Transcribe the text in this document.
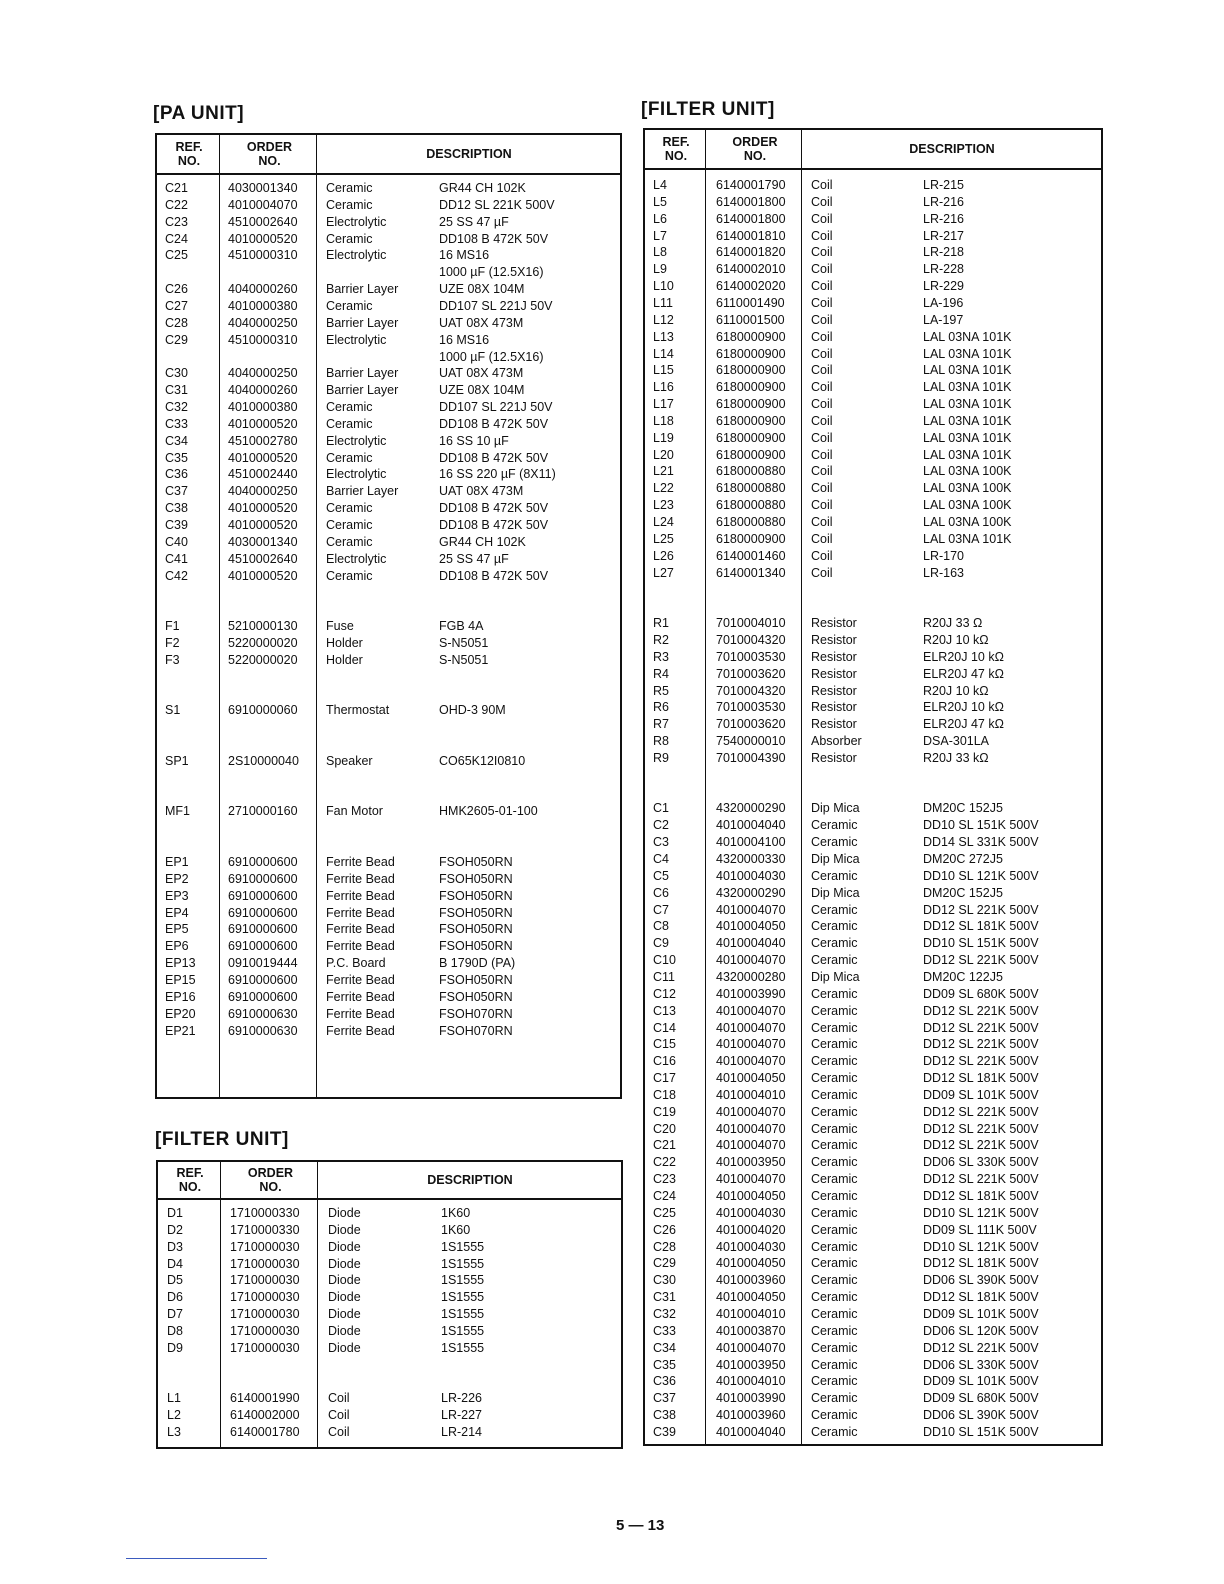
[PA UNIT]
REF.
NO.
ORDER
NO.	DESCRIPTION
C21	4030001340 Ceramic	GR44 CH 102K
C22	4010004070 Ceramic	DD12 SL 221K 500V
C23	4510002640 Electrolytic	25 SS 47 µF
C24	4010000520 Ceramic	DD108 B 472K 50V
C25	4510000310 Electrolytic	16 MS16
1000 µF (12.5X16)
C26	4040000260 Barrier Layer	UZE 08X 104M
C27	4010000380 Ceramic	DD107 SL 221J 50V
C28	4040000250 Barrier Layer	UAT 08X 473M
C29	4510000310 Electrolytic	16 MS16
1000 µF (12.5X16)
C30	4040000250 Barrier Layer	UAT 08X 473M
C31	4040000260 Barrier Layer	UZE 08X 104M
C32	4010000380 Ceramic	DD107 SL 221J 50V
C33	4010000520 Ceramic	DD108 B 472K 50V
C34	4510002780 Electrolytic	16 SS 10 µF
C35	4010000520 Ceramic	DD108 B 472K 50V
C36	4510002440 Electrolytic	16 SS 220 µF (8X11)
C37	4040000250 Barrier Layer	UAT 08X 473M
C38	4010000520 Ceramic	DD108 B 472K 50V
C39	4010000520 Ceramic	DD108 B 472K 50V
C40	4030001340 Ceramic	GR44 CH 102K
C41	4510002640 Electrolytic	25 SS 47 µF
C42	4010000520 Ceramic	DD108 B 472K 50V
F1	5210000130 Fuse	FGB 4A
F2	5220000020 Holder	S-N5051
F3	5220000020 Holder	S-N5051
S1	6910000060 Thermostat	OHD-3 90M
SP1	2S10000040 Speaker	CO65K12I0810
MF1	2710000160 Fan Motor	HMK2605-01-100
EP1	6910000600 Ferrite Bead	FSOH050RN
EP2	6910000600 Ferrite Bead	FSOH050RN
EP3	6910000600 Ferrite Bead	FSOH050RN
EP4	6910000600 Ferrite Bead	FSOH050RN
EP5	6910000600 Ferrite Bead	FSOH050RN
EP6	6910000600 Ferrite Bead	FSOH050RN
EP13	0910019444 P.C. Board	B 1790D (PA)
EP15	6910000600 Ferrite Bead	FSOH050RN
EP16	6910000600 Ferrite Bead	FSOH050RN
EP20	6910000630 Ferrite Bead	FSOH070RN
EP21	6910000630 Ferrite Bead	FSOH070RN
[FILTER UNIT]
REF.
NO.
ORDER
NO.	DESCRIPTION
D1	1710000330 Diode	1K60
D2	1710000330 Diode	1K60
D3	1710000030 Diode	1S1555
D4	1710000030 Diode	1S1555
D5	1710000030 Diode	1S1555
D6	1710000030 Diode	1S1555
D7	1710000030 Diode	1S1555
D8	1710000030 Diode	1S1555
D9	1710000030 Diode	1S1555
L1	6140001990 Coil	LR-226
L2	6140002000 Coil	LR-227
L3	6140001780 Coil	LR-214
[FILTER UNIT]
REF.
NO.
ORDER
NO.	DESCRIPTION
L4	6140001790 Coil	LR-215
L5	6140001800 Coil	LR-216
L6	6140001800 Coil	LR-216
L7	6140001810 Coil	LR-217
L8	6140001820 Coil	LR-218
L9	6140002010 Coil	LR-228
L10	6140002020 Coil	LR-229
L11	6110001490 Coil	LA-196
L12	6110001500 Coil	LA-197
L13	6180000900 Coil	LAL 03NA 101K
L14	6180000900 Coil	LAL 03NA 101K
L15	6180000900 Coil	LAL 03NA 101K
L16	6180000900 Coil	LAL 03NA 101K
L17	6180000900 Coil	LAL 03NA 101K
L18	6180000900 Coil	LAL 03NA 101K
L19	6180000900 Coil	LAL 03NA 101K
L20	6180000900 Coil	LAL 03NA 101K
L21	6180000880 Coil	LAL 03NA 100K
L22	6180000880 Coil	LAL 03NA 100K
L23	6180000880 Coil	LAL 03NA 100K
L24	6180000880 Coil	LAL 03NA 100K
L25	6180000900 Coil	LAL 03NA 101K
L26	6140001460 Coil	LR-170
L27	6140001340 Coil	LR-163
R1	7010004010 Resistor	R20J 33 Ω
R2	7010004320 Resistor	R20J 10 kΩ
R3	7010003530 Resistor	ELR20J 10 kΩ
R4	7010003620 Resistor	ELR20J 47 kΩ
R5	7010004320 Resistor	R20J 10 kΩ
R6	7010003530 Resistor	ELR20J 10 kΩ
R7	7010003620 Resistor	ELR20J 47 kΩ
R8	7540000010 Absorber	DSA-301LA
R9	7010004390 Resistor	R20J 33 kΩ
C1	4320000290 Dip Mica	DM20C 152J5
C2	4010004040 Ceramic	DD10 SL 151K 500V
C3	4010004100 Ceramic	DD14 SL 331K 500V
C4	4320000330 Dip Mica	DM20C 272J5
C5	4010004030 Ceramic	DD10 SL 121K 500V
C6	4320000290 Dip Mica	DM20C 152J5
C7	4010004070 Ceramic	DD12 SL 221K 500V
C8	4010004050 Ceramic	DD12 SL 181K 500V
C9	4010004040 Ceramic	DD10 SL 151K 500V
C10	4010004070 Ceramic	DD12 SL 221K 500V
C11	4320000280 Dip Mica	DM20C 122J5
C12	4010003990 Ceramic	DD09 SL 680K 500V
C13	4010004070 Ceramic	DD12 SL 221K 500V
C14	4010004070 Ceramic	DD12 SL 221K 500V
C15	4010004070 Ceramic	DD12 SL 221K 500V
C16	4010004070 Ceramic	DD12 SL 221K 500V
C17	4010004050 Ceramic	DD12 SL 181K 500V
C18	4010004010 Ceramic	DD09 SL 101K 500V
C19	4010004070 Ceramic	DD12 SL 221K 500V
C20	4010004070 Ceramic	DD12 SL 221K 500V
C21	4010004070 Ceramic	DD12 SL 221K 500V
C22	4010003950 Ceramic	DD06 SL 330K 500V
C23	4010004070 Ceramic	DD12 SL 221K 500V
C24	4010004050 Ceramic	DD12 SL 181K 500V
C25	4010004030 Ceramic	DD10 SL 121K 500V
C26	4010004020 Ceramic	DD09 SL 111K 500V
C28	4010004030 Ceramic	DD10 SL 121K 500V
C29	4010004050 Ceramic	DD12 SL 181K 500V
C30	4010003960 Ceramic	DD06 SL 390K 500V
C31	4010004050 Ceramic	DD12 SL 181K 500V
C32	4010004010 Ceramic	DD09 SL 101K 500V
C33	4010003870 Ceramic	DD06 SL 120K 500V
C34	4010004070 Ceramic	DD12 SL 221K 500V
C35	4010003950 Ceramic	DD06 SL 330K 500V
C36	4010004010 Ceramic	DD09 SL 101K 500V
C37	4010003990 Ceramic	DD09 SL 680K 500V
C38	4010003960 Ceramic	DD06 SL 390K 500V
C39	4010004040 Ceramic	DD10 SL 151K 500V
5 — 13
